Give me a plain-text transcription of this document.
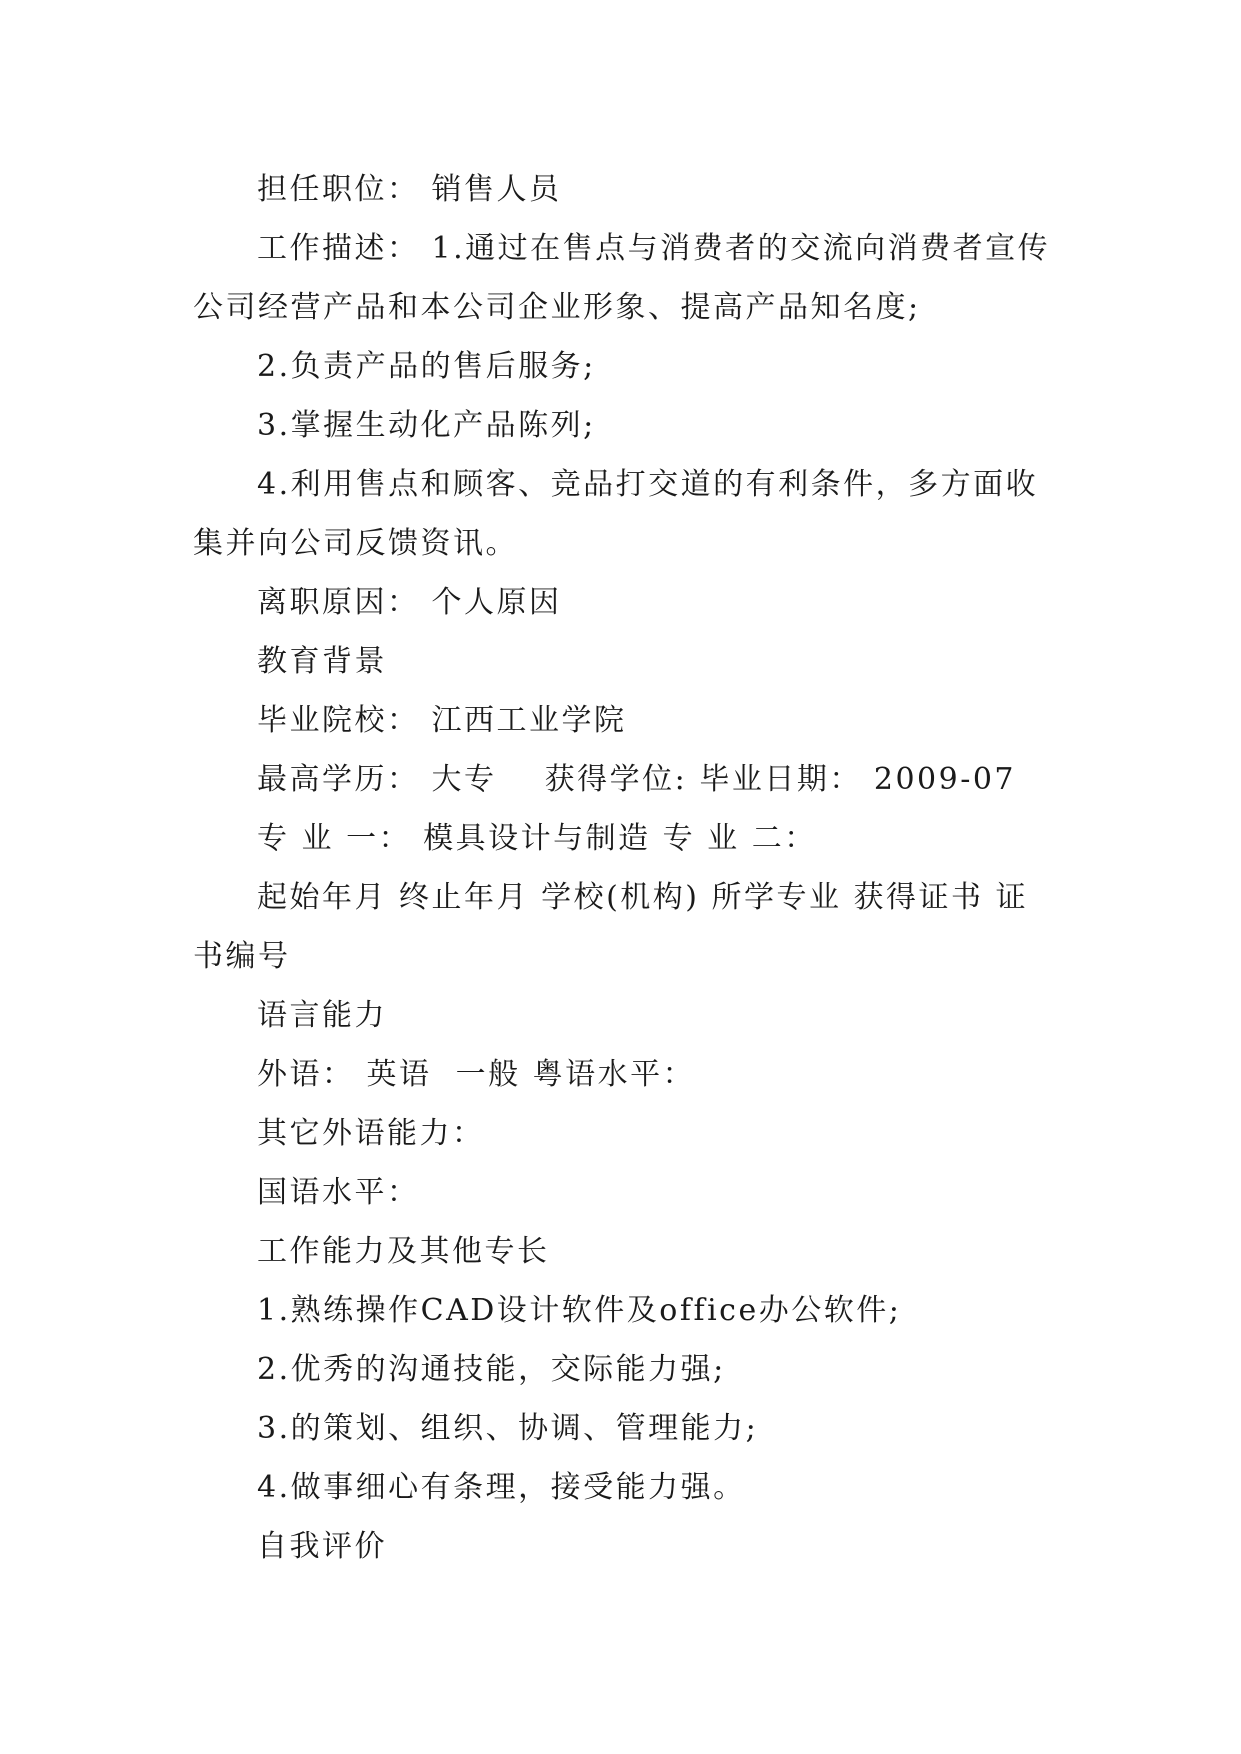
担任职位： 销售人员

工作描述： 1.通过在售点与消费者的交流向消费者宣传公司经营产品和本公司企业形象、提高产品知名度;

2.负责产品的售后服务;

3.掌握生动化产品陈列;

4.利用售点和顾客、竞品打交道的有利条件，多方面收集并向公司反馈资讯。

离职原因： 个人原因

教育背景

毕业院校： 江西工业学院

最高学历： 大专    获得学位: 毕业日期： 2009-07

专 业 一： 模具设计与制造 专 业 二：

起始年月 终止年月 学校(机构) 所学专业 获得证书 证书编号

语言能力

外语： 英语  一般 粤语水平：

其它外语能力：

国语水平：

工作能力及其他专长

1.熟练操作CAD设计软件及office办公软件;

2.优秀的沟通技能，交际能力强;

3.的策划、组织、协调、管理能力;

4.做事细心有条理，接受能力强。

自我评价
